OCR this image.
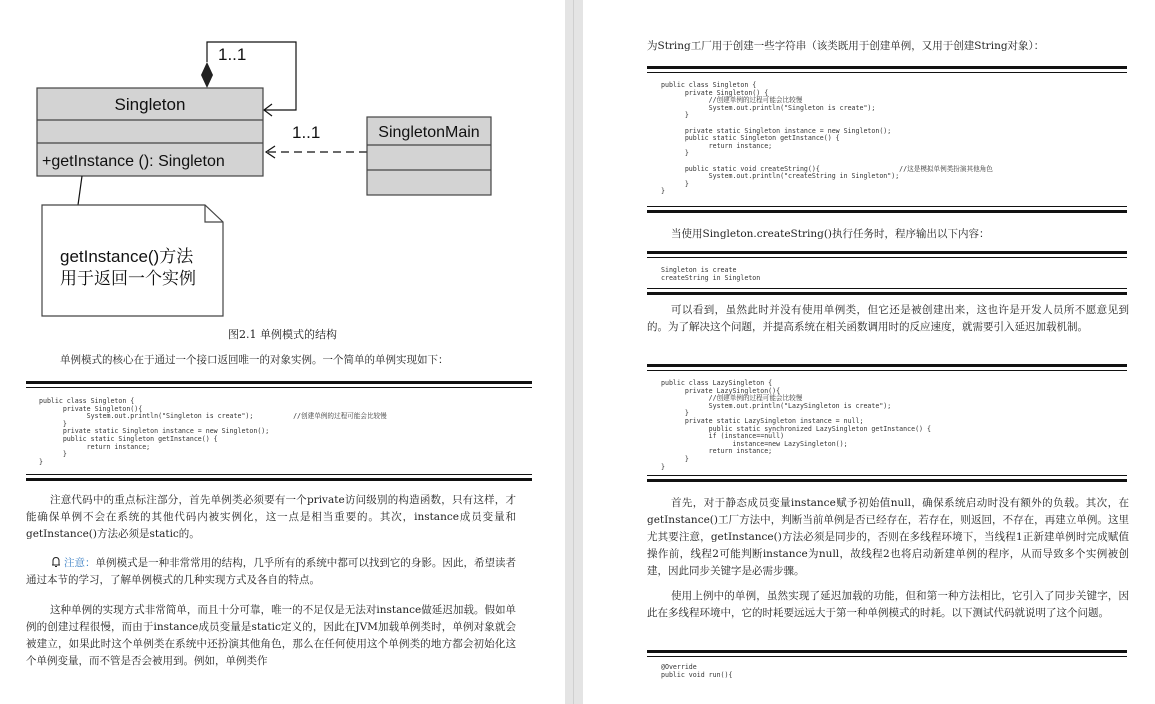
1..1
Singleton
+getInstance (): Singleton
1..1	SingletonMain
getInstance()方法
用于返回一个实例
图2.1 单例模式的结构
单例模式的核心在于通过一个接口返回唯一的对象实例。一个简单的单例实现如下：
public class Singleton {
private Singleton(){
System.out.println("Singleton is create");          //创建单例的过程可能会比较慢
}
private static Singleton instance = new Singleton();
public static Singleton getInstance() {
return instance;
}
}
注意代码中的重点标注部分，首先单例类必须要有一个private访问级别的构造函数，只有这样，才能确保单例不会在系统的其他代码内被实例化，这一点是相当重要的。其次，instance成员变量和getInstance()方法必须是static的。
注意：单例模式是一种非常常用的结构，几乎所有的系统中都可以找到它的身影。因此，希望读者通过本节的学习，了解单例模式的几种实现方式及各自的特点。
这种单例的实现方式非常简单，而且十分可靠，唯一的不足仅是无法对instance做延迟加载。假如单例的创建过程很慢，而由于instance成员变量是static定义的，因此在JVM加载单例类时，单例对象就会被建立，如果此时这个单例类在系统中还扮演其他角色，那么在任何使用这个单例类的地方都会初始化这个单例变量，而不管是否会被用到。例如，单例类作
为String工厂用于创建一些字符串（该类既用于创建单例，又用于创建String对象）：
public class Singleton {
private Singleton() {
//创建单例的过程可能会比较慢
System.out.println("Singleton is create");
}

private static Singleton instance = new Singleton();
public static Singleton getInstance() {
return instance;
}

public static void createString(){                    //这是模拟单例类扮演其他角色
System.out.println("createString in Singleton");
}
}
当使用Singleton.createString()执行任务时，程序输出以下内容：
Singleton is create
createString in Singleton
可以看到，虽然此时并没有使用单例类，但它还是被创建出来，这也许是开发人员所不愿意见到的。为了解决这个问题，并提高系统在相关函数调用时的反应速度，就需要引入延迟加载机制。
public class LazySingleton {
private LazySingleton(){
//创建单例的过程可能会比较慢
System.out.println("LazySingleton is create");
}
private static LazySingleton instance = null;
public static synchronized LazySingleton getInstance() {
if (instance==null)
instance=new LazySingleton();
return instance;
}
}
首先，对于静态成员变量instance赋予初始值null，确保系统启动时没有额外的负载。其次，在getInstance()工厂方法中，判断当前单例是否已经存在，若存在，则返回，不存在，再建立单例。这里尤其要注意，getInstance()方法必须是同步的，否则在多线程环境下，当线程1正新建单例时完成赋值操作前，线程2可能判断instance为null，故线程2也将启动新建单例的程序，从而导致多个实例被创建，因此同步关键字是必需步骤。
使用上例中的单例，虽然实现了延迟加载的功能，但和第一种方法相比，它引入了同步关键字，因此在多线程环境中，它的时耗要远远大于第一种单例模式的时耗。以下测试代码就说明了这个问题。
@Override
public void run(){
